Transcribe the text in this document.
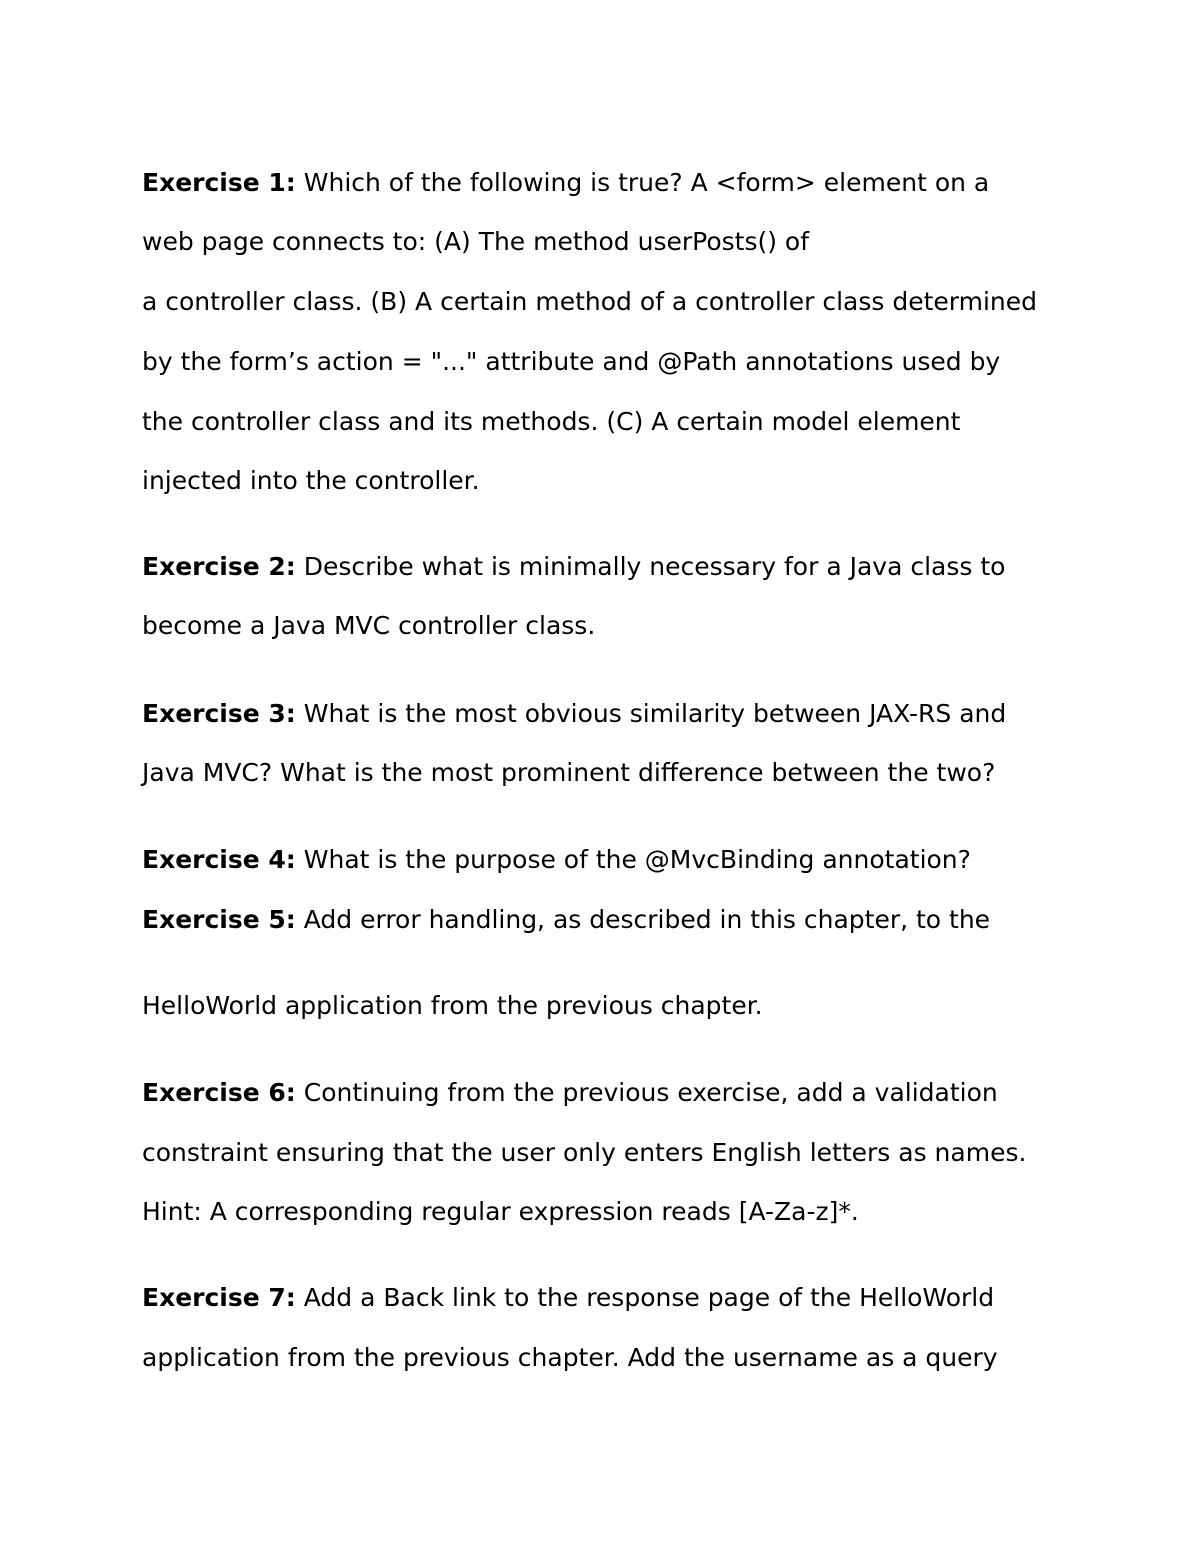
Exercise 1: Which of the following is true? A <form> element on a

web page connects to: (A) The method userPosts() of

a controller class. (B) A certain method of a controller class determined

by the form’s action = "..." attribute and @Path annotations used by

the controller class and its methods. (C) A certain model element

injected into the controller.

Exercise 2: Describe what is minimally necessary for a Java class to

become a Java MVC controller class.

Exercise 3: What is the most obvious similarity between JAX-RS and

Java MVC? What is the most prominent difference between the two?

Exercise 4: What is the purpose of the @MvcBinding annotation?

Exercise 5: Add error handling, as described in this chapter, to the

HelloWorld application from the previous chapter.

Exercise 6: Continuing from the previous exercise, add a validation

constraint ensuring that the user only enters English letters as names.

Hint: A corresponding regular expression reads [A-Za-z]*.

Exercise 7: Add a Back link to the response page of the HelloWorld

application from the previous chapter. Add the username as a query
